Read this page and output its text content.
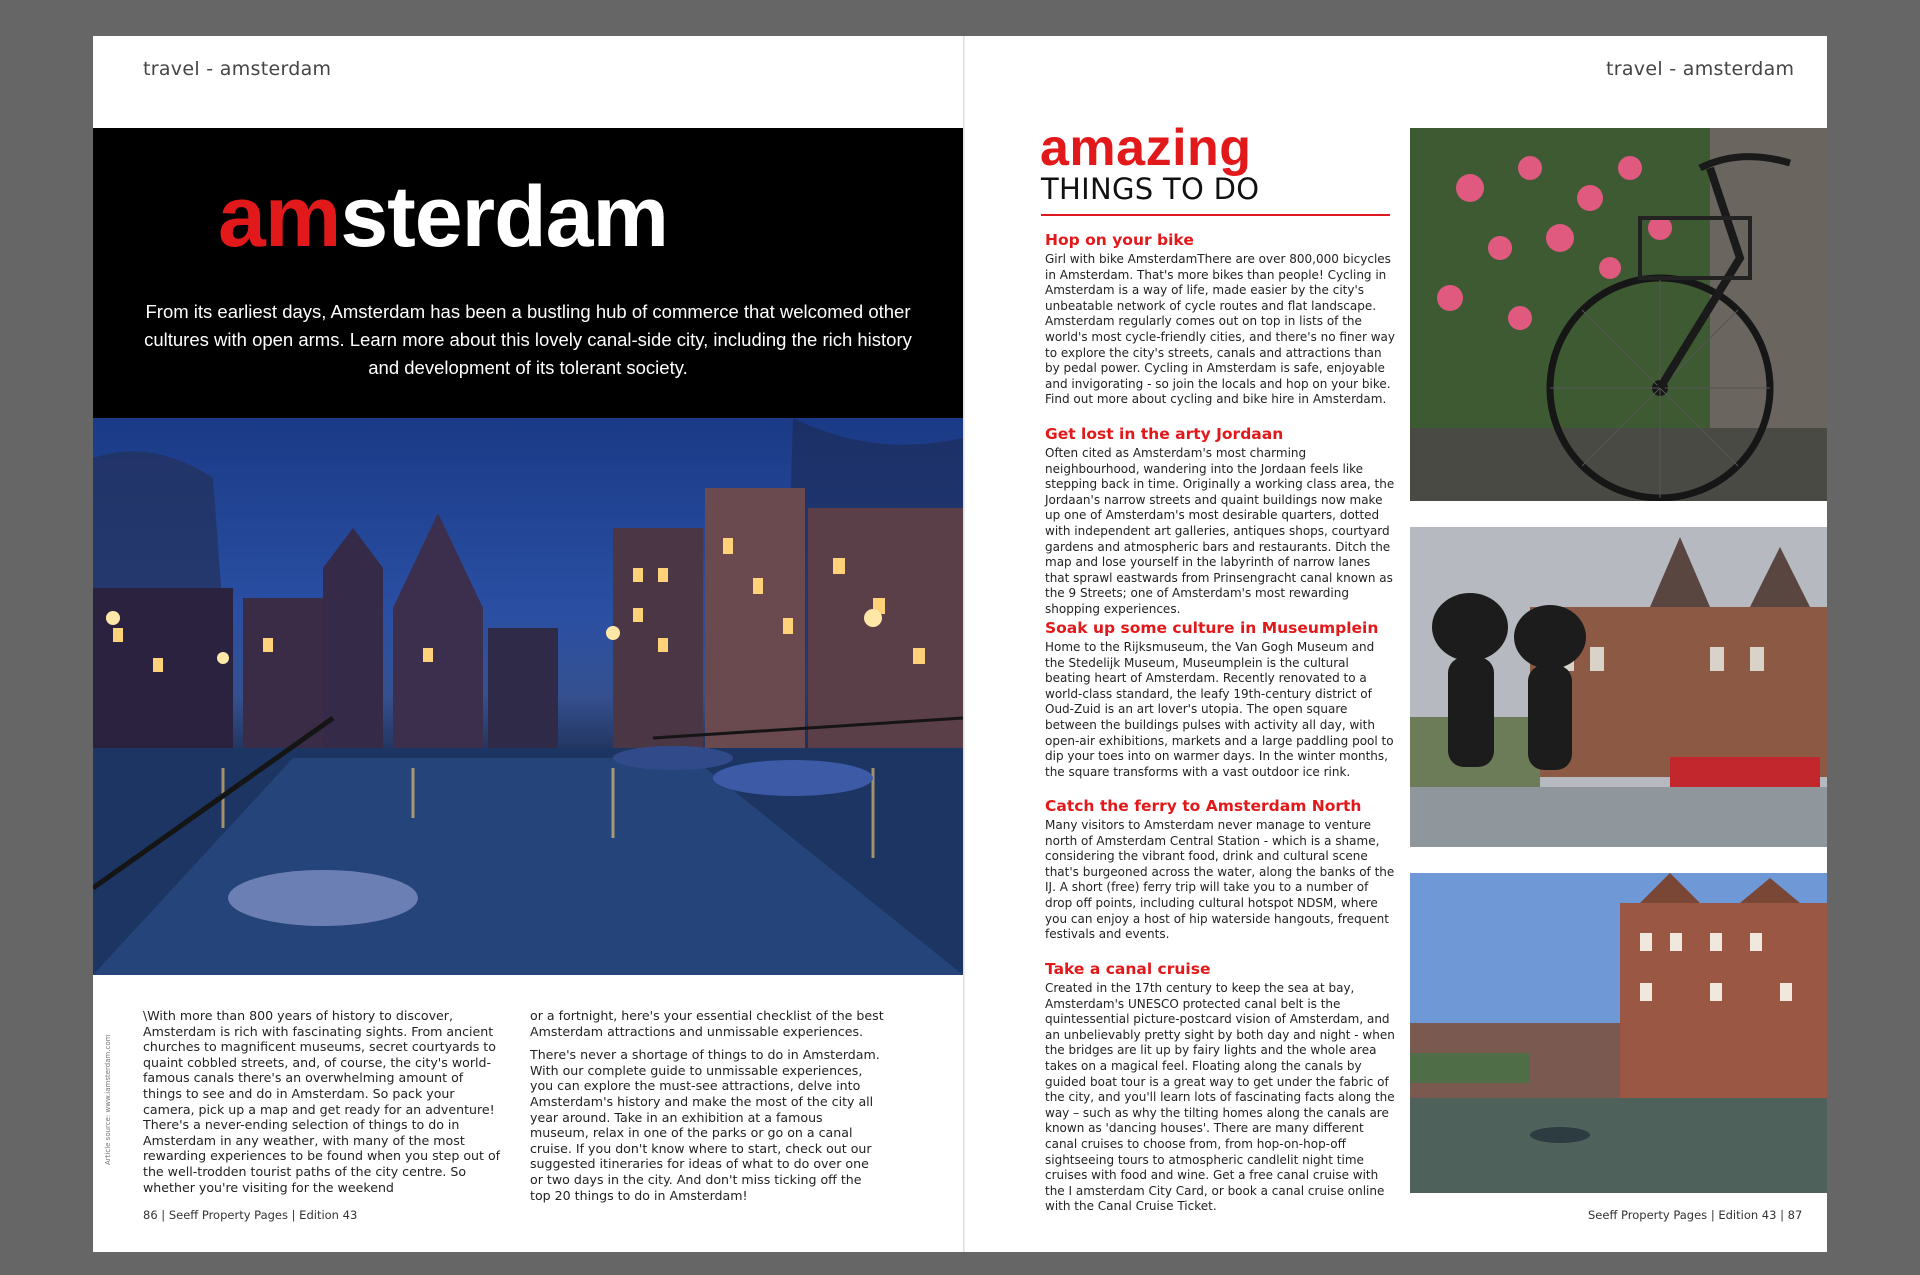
travel - amsterdam
amsterdam
From its earliest days, Amsterdam has been a bustling hub of commerce that welcomed other cultures with open arms. Learn more about this lovely canal-side city, including the rich history and development of its tolerant society.

\With more than 800 years of history to discover, Amsterdam is rich with fascinating sights. From ancient churches to magnificent museums, secret courtyards to quaint cobbled streets, and, of course, the city's world-famous canals there's an overwhelming amount of things to see and do in Amsterdam. So pack your camera, pick up a map and get ready for an adventure! There's a never-ending selection of things to do in Amsterdam in any weather, with many of the most rewarding experiences to be found when you step out of the well-trodden tourist paths of the city centre. So whether you're visiting for the weekend

or a fortnight, here's your essential checklist of the best Amsterdam attractions and unmissable experiences.

There's never a shortage of things to do in Amsterdam. With our complete guide to unmissable experiences, you can explore the must-see attractions, delve into Amsterdam's history and make the most of the city all year around. Take in an exhibition at a famous museum, relax in one of the parks or go on a canal cruise. If you don't know where to start, check out our suggested itineraries for ideas of what to do over one or two days in the city. And don't miss ticking off the top 20 things to do in Amsterdam!

Article source: www.iamsterdam.com
86 | Seeff Property Pages | Edition 43
travel - amsterdam
amazing
THINGS TO DO
Hop on your bike

Girl with bike AmsterdamThere are over 800,000 bicycles in Amsterdam. That's more bikes than people! Cycling in Amsterdam is a way of life, made easier by the city's unbeatable network of cycle routes and flat landscape. Amsterdam regularly comes out on top in lists of the world's most cycle-friendly cities, and there's no finer way to explore the city's streets, canals and attractions than by pedal power. Cycling in Amsterdam is safe, enjoyable and invigorating - so join the locals and hop on your bike. Find out more about cycling and bike hire in Amsterdam.

Get lost in the arty Jordaan

Often cited as Amsterdam's most charming neighbourhood, wandering into the Jordaan feels like stepping back in time. Originally a working class area, the Jordaan's narrow streets and quaint buildings now make up one of Amsterdam's most desirable quarters, dotted with independent art galleries, antiques shops, courtyard gardens and atmospheric bars and restaurants. Ditch the map and lose yourself in the labyrinth of narrow lanes that sprawl eastwards from Prinsengracht canal known as the 9 Streets; one of Amsterdam's most rewarding shopping experiences.

Soak up some culture in Museumplein

Home to the Rijksmuseum, the Van Gogh Museum and the Stedelijk Museum, Museumplein is the cultural beating heart of Amsterdam. Recently renovated to a world-class standard, the leafy 19th-century district of Oud-Zuid is an art lover's utopia. The open square between the buildings pulses with activity all day, with open-air exhibitions, markets and a large paddling pool to dip your toes into on warmer days. In the winter months, the square transforms with a vast outdoor ice rink.

Catch the ferry to Amsterdam North

Many visitors to Amsterdam never manage to venture north of Amsterdam Central Station - which is a shame, considering the vibrant food, drink and cultural scene that's burgeoned across the water, along the banks of the IJ. A short (free) ferry trip will take you to a number of drop off points, including cultural hotspot NDSM, where you can enjoy a host of hip waterside hangouts, frequent festivals and events.

Take a canal cruise

Created in the 17th century to keep the sea at bay, Amsterdam's UNESCO protected canal belt is the quintessential picture-postcard vision of Amsterdam, and an unbelievably pretty sight by both day and night - when the bridges are lit up by fairy lights and the whole area takes on a magical feel. Floating along the canals by guided boat tour is a great way to get under the fabric of the city, and you'll learn lots of fascinating facts along the way – such as why the tilting homes along the canals are known as 'dancing houses'. There are many different canal cruises to choose from, from hop-on-hop-off sightseeing tours to atmospheric candlelit night time cruises with food and wine. Get a free canal cruise with the I amsterdam City Card, or book a canal cruise online with the Canal Cruise Ticket.

Seeff Property Pages | Edition 43 | 87
